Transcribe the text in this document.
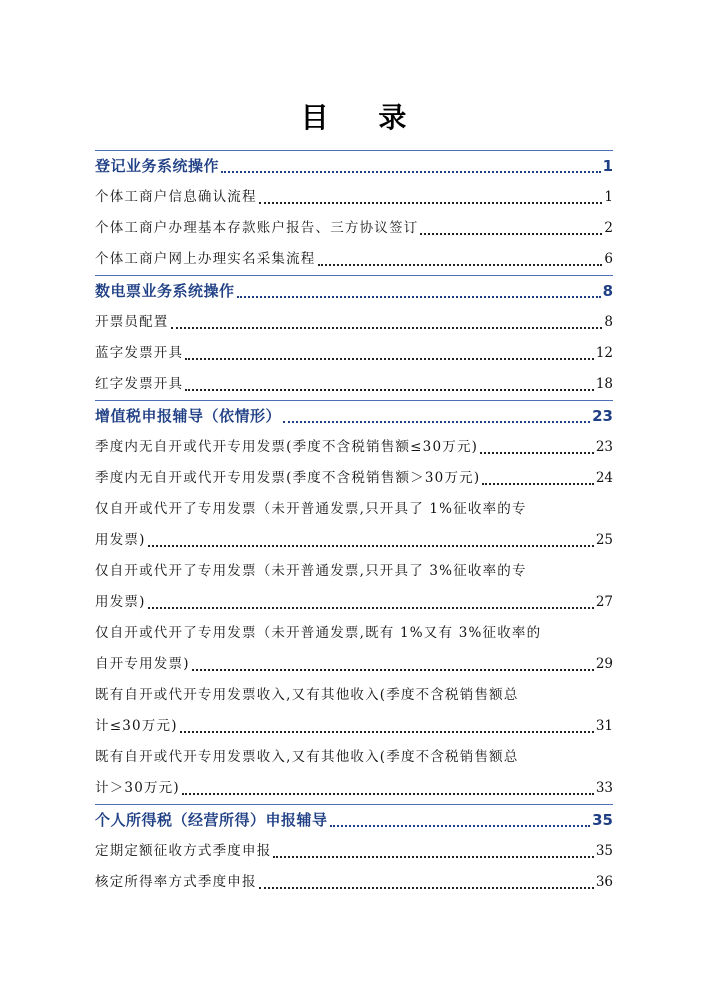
目 录
登记业务系统操作	1
个体工商户信息确认流程	1
个体工商户办理基本存款账户报告、三方协议签订	2
个体工商户网上办理实名采集流程	6
数电票业务系统操作	8
开票员配置	8
蓝字发票开具	12
红字发票开具	18
增值税申报辅导（依情形）	23
季度内无自开或代开专用发票(季度不含税销售额≤30万元)	23
季度内无自开或代开专用发票(季度不含税销售额＞30万元)	24
仅自开或代开了专用发票（未开普通发票,只开具了 1%征收率的专
用发票)	25
仅自开或代开了专用发票（未开普通发票,只开具了 3%征收率的专
用发票)	27
仅自开或代开了专用发票（未开普通发票,既有 1%又有 3%征收率的
自开专用发票)	29
既有自开或代开专用发票收入,又有其他收入(季度不含税销售额总
计≤30万元)	31
既有自开或代开专用发票收入,又有其他收入(季度不含税销售额总
计＞30万元)	33
个人所得税（经营所得）申报辅导	35
定期定额征收方式季度申报	35
核定所得率方式季度申报	36
